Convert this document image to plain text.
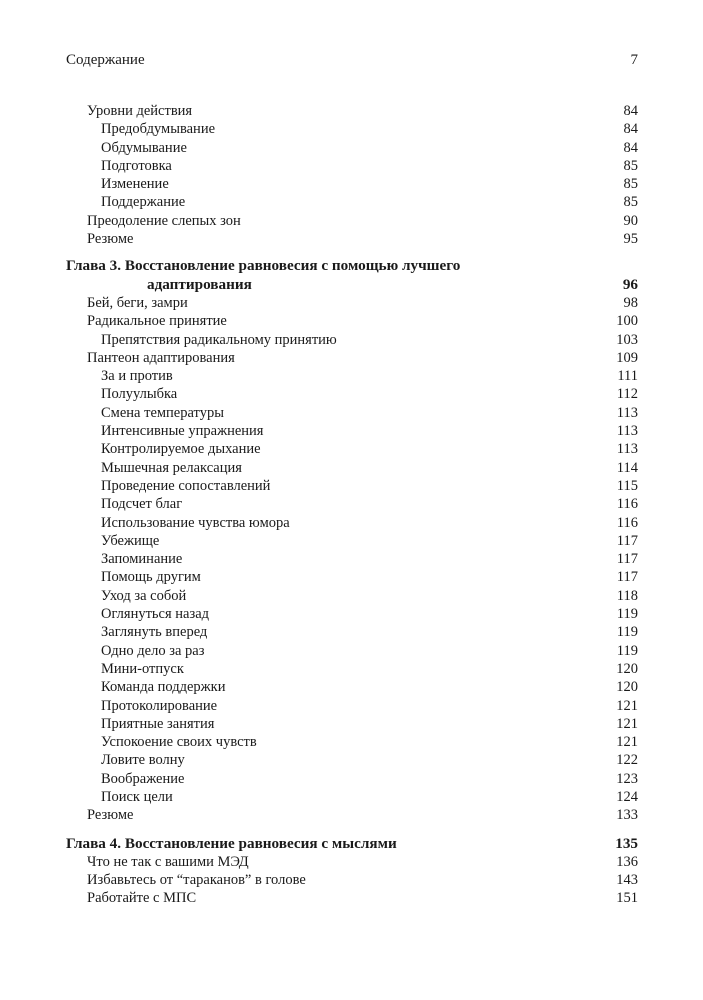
Содержание	7
Уровни действия	84
Предобдумывание	84
Обдумывание	84
Подготовка	85
Изменение	85
Поддержание	85
Преодоление слепых зон	90
Резюме	95
Глава 3. Восстановление равновесия с помощью лучшего
адаптирования	96
Бей, беги, замри	98
Радикальное принятие	100
Препятствия радикальному принятию	103
Пантеон адаптирования	109
За и против	111
Полуулыбка	112
Смена температуры	113
Интенсивные упражнения	113
Контролируемое дыхание	113
Мышечная релаксация	114
Проведение сопоставлений	115
Подсчет благ	116
Использование чувства юмора	116
Убежище	117
Запоминание	117
Помощь другим	117
Уход за собой	118
Оглянуться назад	119
Заглянуть вперед	119
Одно дело за раз	119
Мини-отпуск	120
Команда поддержки	120
Протоколирование	121
Приятные занятия	121
Успокоение своих чувств	121
Ловите волну	122
Воображение	123
Поиск цели	124
Резюме	133
Глава 4. Восстановление равновесия с мыслями	135
Что не так с вашими МЭД	136
Избавьтесь от “тараканов” в голове	143
Работайте с МПС	151
